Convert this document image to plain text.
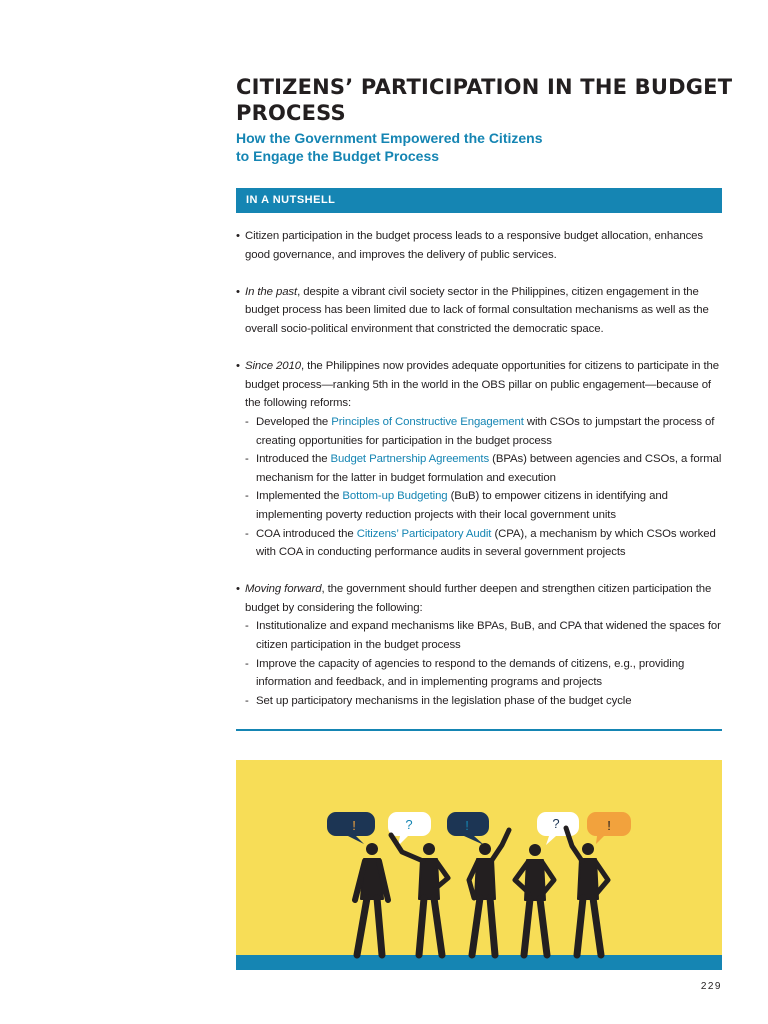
CITIZENS’ PARTICIPATION IN THE BUDGET PROCESS
How the Government Empowered the Citizens
to Engage the Budget Process
IN A NUTSHELL
• Citizen participation in the budget process leads to a responsive budget allocation, enhances good governance, and improves the delivery of public services.
• In the past, despite a vibrant civil society sector in the Philippines, citizen engagement in the budget process has been limited due to lack of formal consultation mechanisms as well as the overall socio-political environment that constricted the democratic space.
• Since 2010, the Philippines now provides adequate opportunities for citizens to participate in the budget process—ranking 5th in the world in the OBS pillar on public engagement—because of the following reforms:
- Developed the Principles of Constructive Engagement with CSOs to jumpstart the process of creating opportunities for participation in the budget process
- Introduced the Budget Partnership Agreements (BPAs) between agencies and CSOs, a formal mechanism for the latter in budget formulation and execution
- Implemented the Bottom-up Budgeting (BuB) to empower citizens in identifying and implementing poverty reduction projects with their local government units
- COA introduced the Citizens’ Participatory Audit (CPA), a mechanism by which CSOs worked with COA in conducting performance audits in several government projects
• Moving forward, the government should further deepen and strengthen citizen participation the budget by considering the following:
- Institutionalize and expand mechanisms like BPAs, BuB, and CPA that widened the spaces for citizen participation in the budget process
- Improve the capacity of agencies to respond to the demands of citizens, e.g., providing information and feedback, and in implementing programs and projects
- Set up participatory mechanisms in the legislation phase of the budget cycle
!	?	!	?	!
229
